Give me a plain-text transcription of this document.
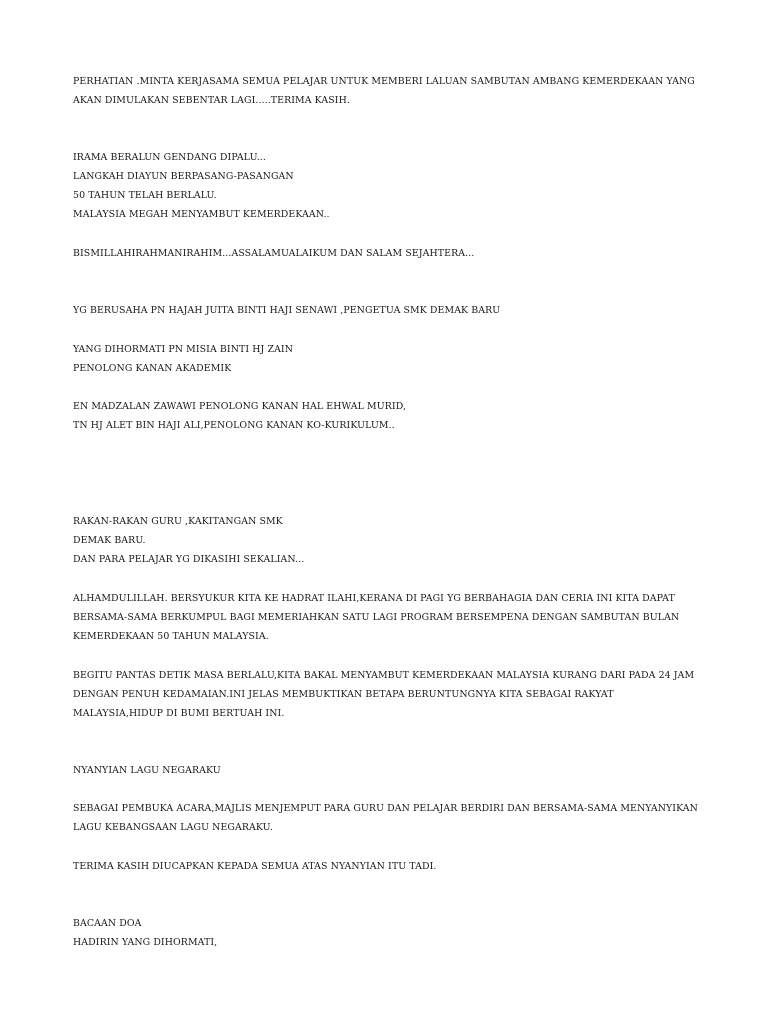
PERHATIAN .MINTA KERJASAMA SEMUA PELAJAR UNTUK MEMBERI LALUAN SAMBUTAN AMBANG KEMERDEKAAN YANG

AKAN DIMULAKAN SEBENTAR LAGI.....TERIMA KASIH.

IRAMA BERALUN GENDANG DIPALU...

LANGKAH DIAYUN BERPASANG-PASANGAN

50 TAHUN TELAH BERLALU.

MALAYSIA MEGAH MENYAMBUT KEMERDEKAAN..

BISMILLAHIRAHMANIRAHIM...ASSALAMUALAIKUM DAN SALAM SEJAHTERA...

YG BERUSAHA PN HAJAH JUITA BINTI HAJI SENAWI ,PENGETUA SMK DEMAK BARU

YANG DIHORMATI PN MISIA BINTI HJ ZAIN

PENOLONG KANAN AKADEMIK

EN MADZALAN ZAWAWI PENOLONG KANAN HAL EHWAL MURID,

TN HJ ALET BIN HAJI ALI,PENOLONG KANAN KO-KURIKULUM..

RAKAN-RAKAN GURU ,KAKITANGAN SMK

DEMAK BARU.

DAN PARA PELAJAR YG DIKASIHI SEKALIAN...

ALHAMDULILLAH. BERSYUKUR KITA KE HADRAT ILAHI,KERANA DI PAGI YG BERBAHAGIA DAN CERIA INI KITA DAPAT

BERSAMA-SAMA BERKUMPUL BAGI MEMERIAHKAN SATU LAGI PROGRAM BERSEMPENA DENGAN SAMBUTAN BULAN

KEMERDEKAAN 50 TAHUN MALAYSIA.

BEGITU PANTAS DETIK MASA BERLALU,KITA BAKAL MENYAMBUT KEMERDEKAAN MALAYSIA KURANG DARI PADA 24 JAM

DENGAN PENUH KEDAMAIAN.INI JELAS MEMBUKTIKAN BETAPA BERUNTUNGNYA KITA SEBAGAI RAKYAT

MALAYSIA,HIDUP DI BUMI BERTUAH INI.

NYANYIAN LAGU NEGARAKU

SEBAGAI PEMBUKA ACARA,MAJLIS MENJEMPUT PARA GURU DAN PELAJAR BERDIRI DAN BERSAMA-SAMA MENYANYIKAN

LAGU KEBANGSAAN LAGU NEGARAKU.

TERIMA KASIH DIUCAPKAN KEPADA SEMUA ATAS NYANYIAN ITU TADI.

BACAAN DOA

HADIRIN YANG DIHORMATI,
